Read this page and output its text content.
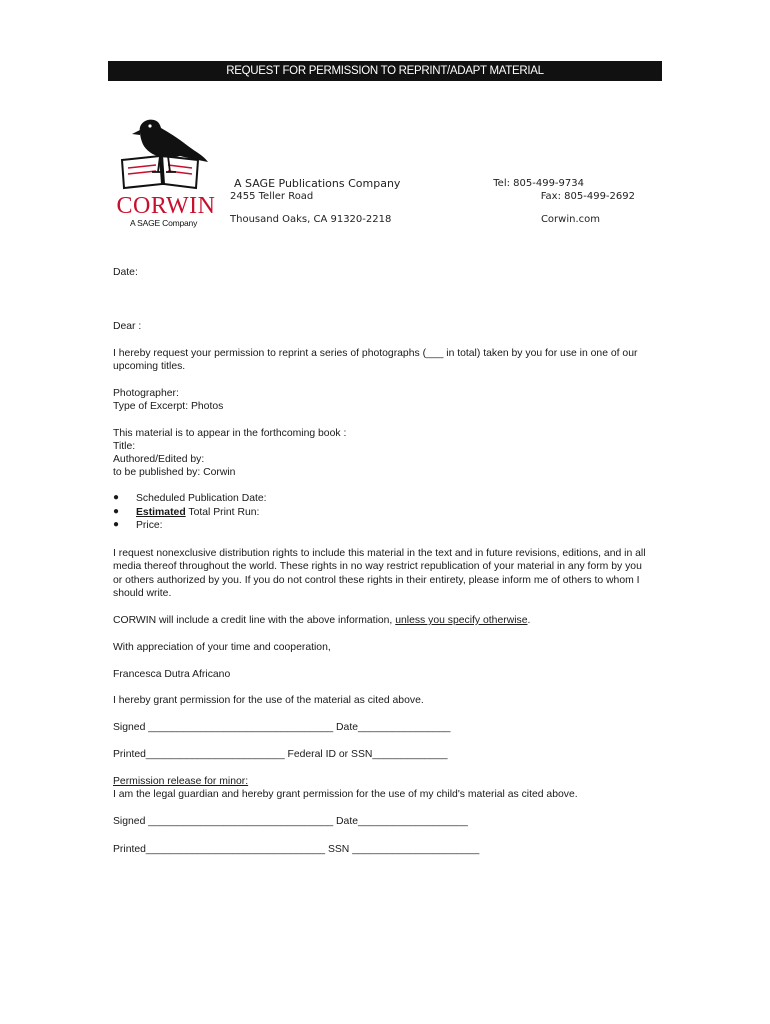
REQUEST FOR PERMISSION TO REPRINT/ADAPT MATERIAL
CORWIN
A SAGE Company
A SAGE Publications Company
2455 Teller Road
Thousand Oaks, CA 91320-2218
Tel: 805-499-9734
Fax: 805-499-2692
Corwin.com
Date:
Dear :
I hereby request your permission to reprint a series of photographs (___ in total) taken by you for use in one of our upcoming titles.
Photographer:
Type of Excerpt: Photos
This material is to appear in the forthcoming book :
Title:
Authored/Edited by:
to be published by: Corwin
● Scheduled Publication Date:
● Estimated Total Print Run:
● Price:
I request nonexclusive distribution rights to include this material in the text and in future revisions, editions, and in all media thereof throughout the world. These rights in no way restrict republication of your material in any form by you or others authorized by you. If you do not control these rights in their entirety, please inform me of others to whom I should write.
CORWIN will include a credit line with the above information, unless you specify otherwise.
With appreciation of your time and cooperation,
Francesca Dutra Africano
I hereby grant permission for the use of the material as cited above.
Signed ________________________________ Date________________
Printed________________________ Federal ID or SSN_____________
Permission release for minor:
I am the legal guardian and hereby grant permission for the use of my child's material as cited above.
Signed ________________________________ Date___________________
Printed_______________________________ SSN ______________________
